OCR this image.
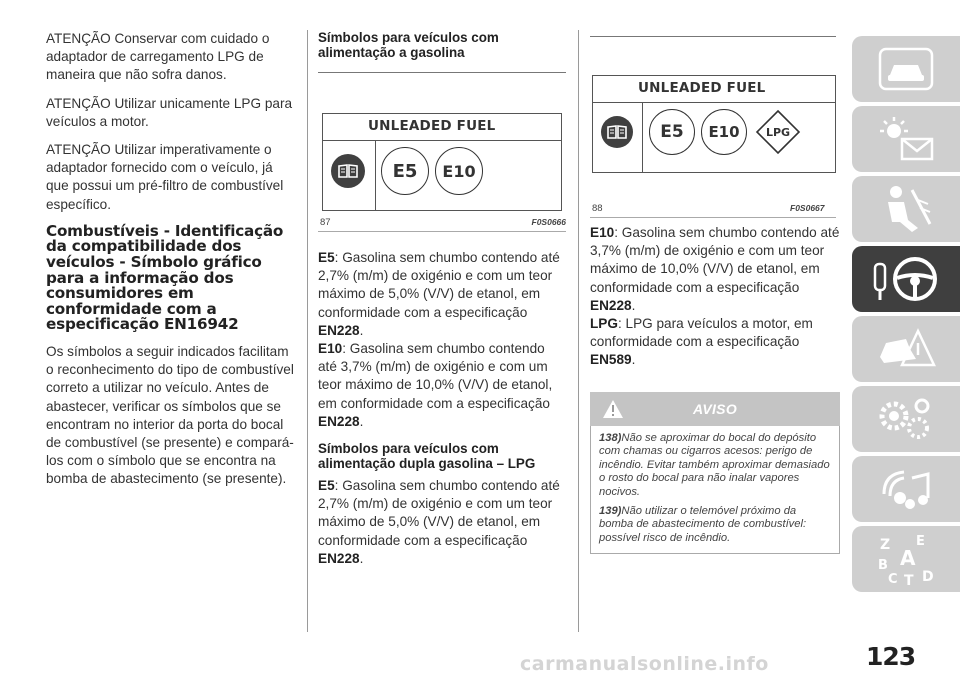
ATENÇÃO Conservar com cuidado o adaptador de carregamento LPG de maneira que não sofra danos.

ATENÇÃO Utilizar unicamente LPG para veículos a motor.

ATENÇÃO Utilizar imperativamente o adaptador fornecido com o veículo, já que possui um pré-filtro de combustível específico.

Combustíveis - Identificação da compatibilidade dos veículos - Símbolo gráfico para a informação dos consumidores em conformidade com a especificação EN16942

Os símbolos a seguir indicados facilitam o reconhecimento do tipo de combustível correto a utilizar no veículo. Antes de abastecer, verificar os símbolos que se encontram no interior da porta do bocal de combustível (se presente) e compará-los com o símbolo que se encontra na bomba de abastecimento (se presente).

Símbolos para veículos com alimentação a gasolina
UNLEADED FUEL
E5	E10
87	F0S0666

E5: Gasolina sem chumbo contendo até 2,7% (m/m) de oxigénio e com um teor máximo de 5,0% (V/V) de etanol, em conformidade com a especificação EN228.

E10: Gasolina sem chumbo contendo até 3,7% (m/m) de oxigénio e com um teor máximo de 10,0% (V/V) de etanol, em conformidade com a especificação EN228.

Símbolos para veículos com alimentação dupla gasolina – LPG

E5: Gasolina sem chumbo contendo até 2,7% (m/m) de oxigénio e com um teor máximo de 5,0% (V/V) de etanol, em conformidade com a especificação EN228.

UNLEADED FUEL
E5	E10	LPG
88	F0S0667

E10: Gasolina sem chumbo contendo até 3,7% (m/m) de oxigénio e com um teor máximo de 10,0% (V/V) de etanol, em conformidade com a especificação EN228.

LPG: LPG para veículos a motor, em conformidade com a especificação EN589.

AVISO

138)Não se aproximar do bocal do depósito com chamas ou cigarros acesos: perigo de incêndio. Evitar também aproximar demasiado o rosto do bocal para não inalar vapores nocivos.

139)Não utilizar o telemóvel próximo da bomba de abastecimento de combustível: possível risco de incêndio.	Z E
B A
C T D
carmanualsonline.info	123
